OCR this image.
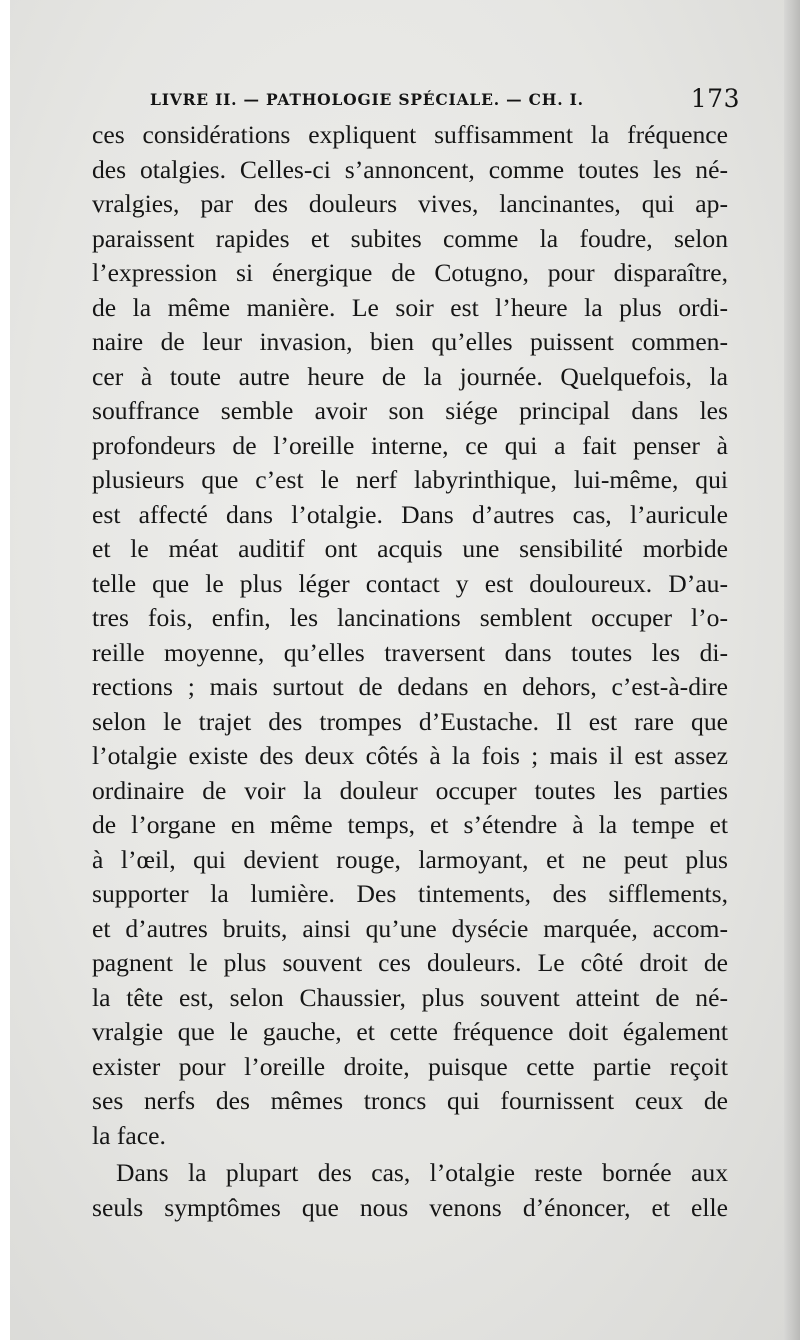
LIVRE II. — PATHOLOGIE SPÉCIALE. — CH. I.	173
ces considérations expliquent suffisamment la fréquence
des otalgies. Celles-ci s’annoncent, comme toutes les né-
vralgies, par des douleurs vives, lancinantes, qui ap-
paraissent rapides et subites comme la foudre, selon
l’expression si énergique de Cotugno, pour disparaître,
de la même manière. Le soir est l’heure la plus ordi-
naire de leur invasion, bien qu’elles puissent commen-
cer à toute autre heure de la journée. Quelquefois, la
souffrance semble avoir son siége principal dans les
profondeurs de l’oreille interne, ce qui a fait penser à
plusieurs que c’est le nerf labyrinthique, lui-même, qui
est affecté dans l’otalgie. Dans d’autres cas, l’auricule
et le méat auditif ont acquis une sensibilité morbide
telle que le plus léger contact y est douloureux. D’au-
tres fois, enfin, les lancinations semblent occuper l’o-
reille moyenne, qu’elles traversent dans toutes les di-
rections ; mais surtout de dedans en dehors, c’est-à-dire
selon le trajet des trompes d’Eustache. Il est rare que
l’otalgie existe des deux côtés à la fois ; mais il est assez
ordinaire de voir la douleur occuper toutes les parties
de l’organe en même temps, et s’étendre à la tempe et
à l’œil, qui devient rouge, larmoyant, et ne peut plus
supporter la lumière. Des tintements, des sifflements,
et d’autres bruits, ainsi qu’une dysécie marquée, accom-
pagnent le plus souvent ces douleurs. Le côté droit de
la tête est, selon Chaussier, plus souvent atteint de né-
vralgie que le gauche, et cette fréquence doit également
exister pour l’oreille droite, puisque cette partie reçoit
ses nerfs des mêmes troncs qui fournissent ceux de
la face.
Dans la plupart des cas, l’otalgie reste bornée aux
seuls symptômes que nous venons d’énoncer, et elle
